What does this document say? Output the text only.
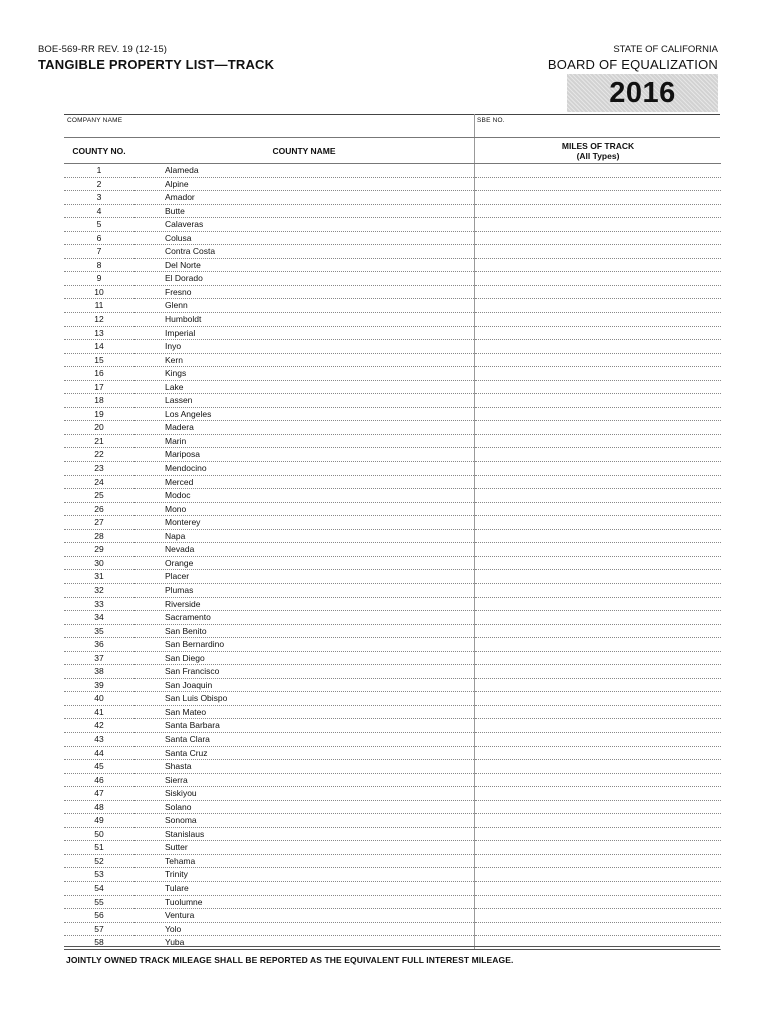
BOE-569-RR REV. 19 (12-15)
TANGIBLE PROPERTY LIST—TRACK
STATE OF CALIFORNIA
BOARD OF EQUALIZATION
2016
COMPANY NAME	SBE NO.
COUNTY NO.	COUNTY NAME	MILES OF TRACK
(All Types)

1	Alameda	
2	Alpine	
3	Amador	
4	Butte	
5	Calaveras	
6	Colusa	
7	Contra Costa	
8	Del Norte	
9	El Dorado	
10	Fresno	
11	Glenn	
12	Humboldt	
13	Imperial	
14	Inyo	
15	Kern	
16	Kings	
17	Lake	
18	Lassen	
19	Los Angeles	
20	Madera	
21	Marin	
22	Mariposa	
23	Mendocino	
24	Merced	
25	Modoc	
26	Mono	
27	Monterey	
28	Napa	
29	Nevada	
30	Orange	
31	Placer	
32	Plumas	
33	Riverside	
34	Sacramento	
35	San Benito	
36	San Bernardino	
37	San Diego	
38	San Francisco	
39	San Joaquin	
40	San Luis Obispo	
41	San Mateo	
42	Santa Barbara	
43	Santa Clara	
44	Santa Cruz	
45	Shasta	
46	Sierra	
47	Siskiyou	
48	Solano	
49	Sonoma	
50	Stanislaus	
51	Sutter	
52	Tehama	
53	Trinity	
54	Tulare	
55	Tuolumne	
56	Ventura	
57	Yolo	
58	Yuba	
JOINTLY OWNED TRACK MILEAGE SHALL BE REPORTED AS THE EQUIVALENT FULL INTEREST MILEAGE.
